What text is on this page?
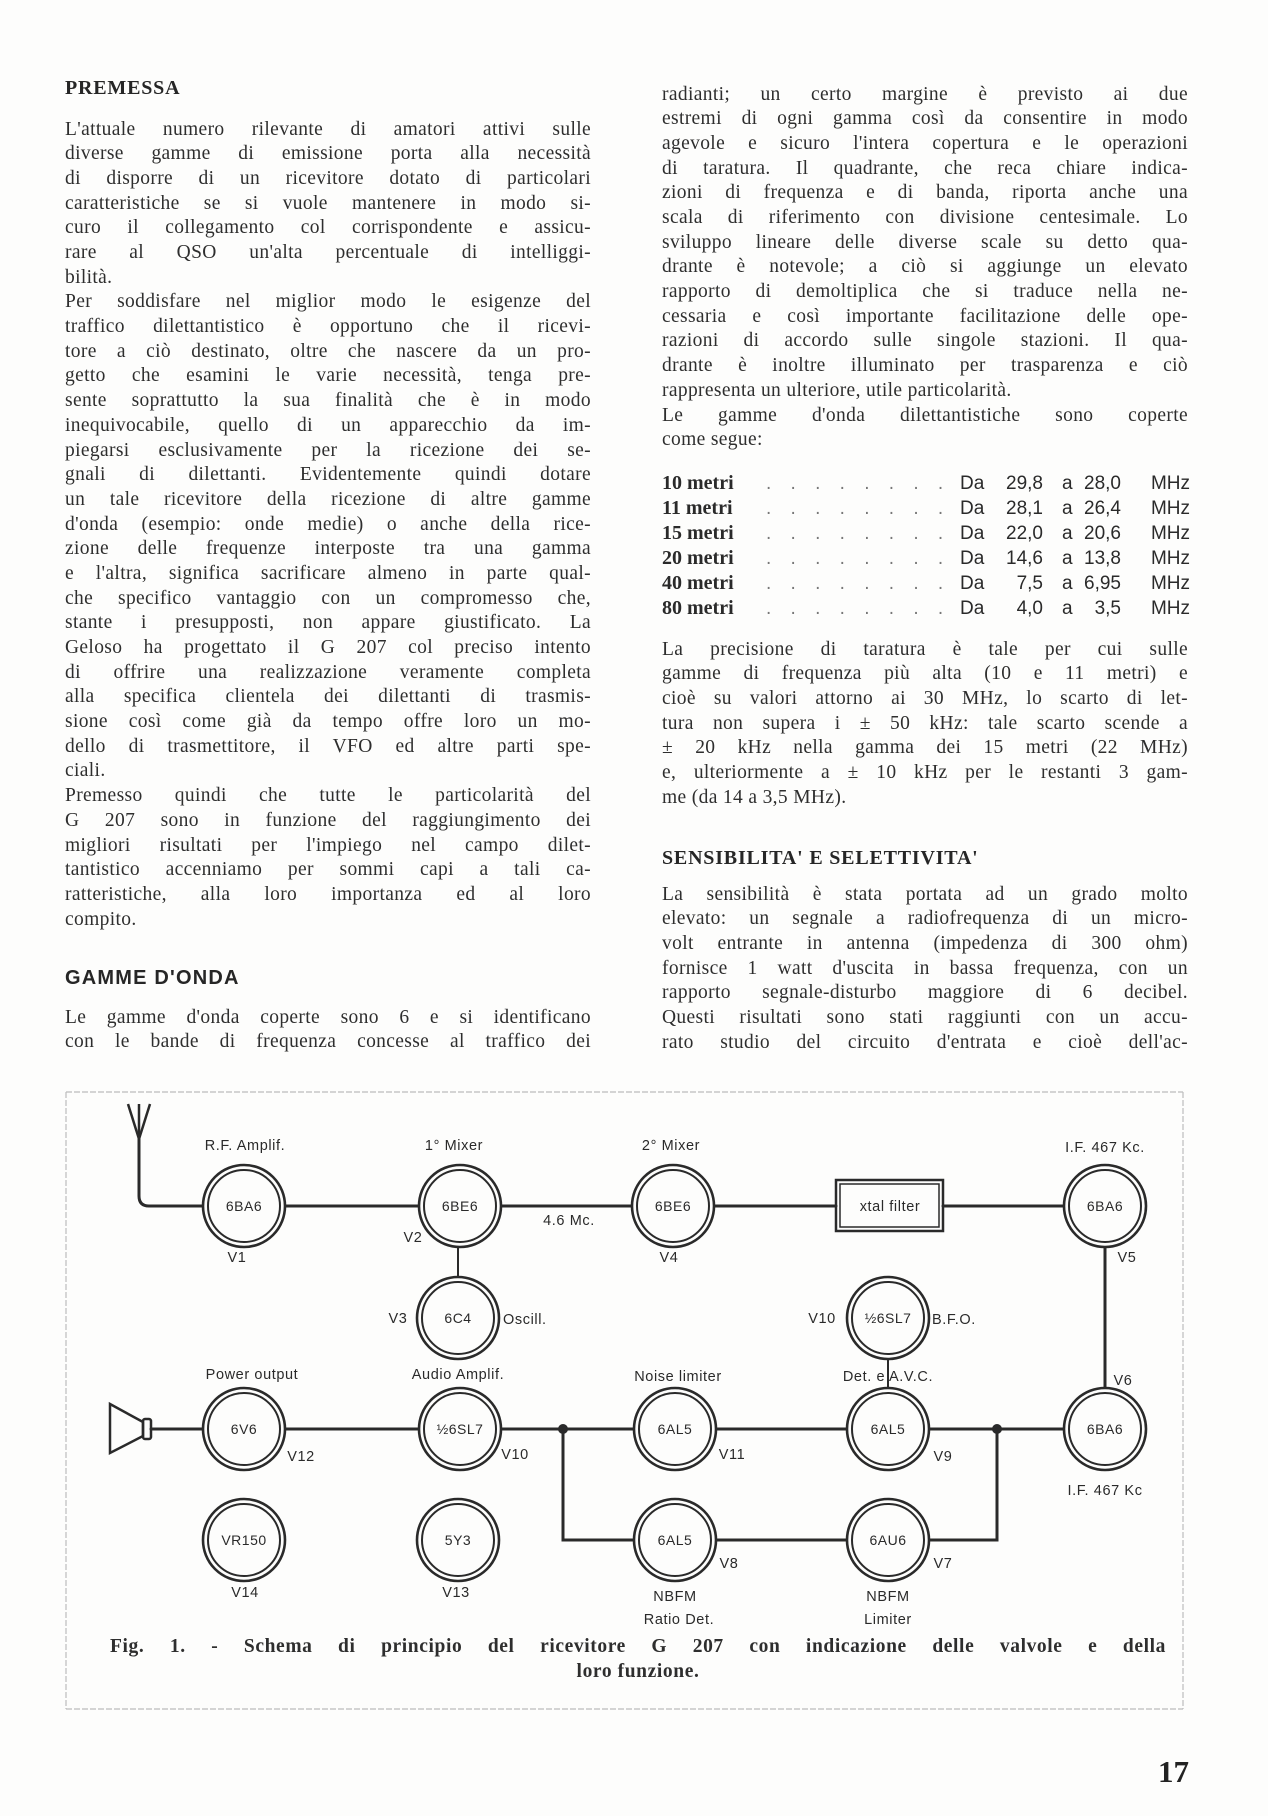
PREMESSA
L'attuale numero rilevante di amatori attivi sulle
diverse gamme di emissione porta alla necessità
di disporre di un ricevitore dotato di particolari
caratteristiche se si vuole mantenere in modo si-
curo il collegamento col corrispondente e assicu-
rare al QSO un'alta percentuale di intelliggi-
bilità.
Per soddisfare nel miglior modo le esigenze del
traffico dilettantistico è opportuno che il ricevi-
tore a ciò destinato, oltre che nascere da un pro-
getto che esamini le varie necessità, tenga pre-
sente soprattutto la sua finalità che è in modo
inequivocabile, quello di un apparecchio da im-
piegarsi esclusivamente per la ricezione dei se-
gnali di dilettanti. Evidentemente quindi dotare
un tale ricevitore della ricezione di altre gamme
d'onda (esempio: onde medie) o anche della rice-
zione delle frequenze interposte tra una gamma
e l'altra, significa sacrificare almeno in parte qual-
che specifico vantaggio con un compromesso che,
stante i presupposti, non appare giustificato. La
Geloso ha progettato il G 207 col preciso intento
di offrire una realizzazione veramente completa
alla specifica clientela dei dilettanti di trasmis-
sione così come già da tempo offre loro un mo-
dello di trasmettitore, il VFO ed altre parti spe-
ciali.
Premesso quindi che tutte le particolarità del
G 207 sono in funzione del raggiungimento dei
migliori risultati per l'impiego nel campo dilet-
tantistico accenniamo per sommi capi a tali ca-
ratteristiche, alla loro importanza ed al loro
compito.
GAMME D'ONDA
Le gamme d'onda coperte sono 6 e si identificano
con le bande di frequenza concesse al traffico dei
radianti; un certo margine è previsto ai due
estremi di ogni gamma così da consentire in modo
agevole e sicuro l'intera copertura e le operazioni
di taratura. Il quadrante, che reca chiare indica-
zioni di frequenza e di banda, riporta anche una
scala di riferimento con divisione centesimale. Lo
sviluppo lineare delle diverse scale su detto qua-
drante è notevole; a ciò si aggiunge un elevato
rapporto di demoltiplica che si traduce nella ne-
cessaria e così importante facilitazione delle ope-
razioni di accordo sulle singole stazioni. Il qua-
drante è inoltre illuminato per trasparenza e ciò
rappresenta un ulteriore, utile particolarità.
Le gamme d'onda dilettantistiche sono coperte
come segue:
10 metri . . . . . . . . Da 29,8 a 28,0 MHz
11 metri . . . . . . . . Da 28,1 a 26,4 MHz
15 metri . . . . . . . . Da 22,0 a 20,6 MHz
20 metri . . . . . . . . Da 14,6 a 13,8 MHz
40 metri . . . . . . . . Da 7,5 a 6,95 MHz
80 metri . . . . . . . . Da 4,0 a 3,5 MHz
La precisione di taratura è tale per cui sulle
gamme di frequenza più alta (10 e 11 metri) e
cioè su valori attorno ai 30 MHz, lo scarto di let-
tura non supera i ± 50 kHz: tale scarto scende a
± 20 kHz nella gamma dei 15 metri (22 MHz)
e, ulteriormente a ± 10 kHz per le restanti 3 gam-
me (da 14 a 3,5 MHz).
SENSIBILITA' E SELETTIVITA'
La sensibilità è stata portata ad un grado molto
elevato: un segnale a radiofrequenza di un micro-
volt entrante in antenna (impedenza di 300 ohm)
fornisce 1 watt d'uscita in bassa frequenza, con un
rapporto segnale-disturbo maggiore di 6 decibel.
Questi risultati sono stati raggiunti con un accu-
rato studio del circuito d'entrata e cioè dell'ac-
xtal filter
6BA6
V1
6BE6
V2
6BE6
V4
6BA6
V5
6C4
V3	½6SL7
V10
6V6
V12
½6SL7
V10
6AL5
V11
6AL5
V9
6BA6
V6
VR150
V14
5Y3
V13
6AL5
V8
6AU6
V7
R.F. Amplif.	1° Mixer	2° Mixer	I.F. 467 Kc.
4.6 Mc.
Oscill.	B.F.O.
Power output	Audio Amplif.	Noise limiter	Det. e A.V.C.
I.F. 467 Kc
NBFM
Ratio Det.
NBFM
Limiter
Fig. 1. - Schema di principio del ricevitore G 207 con indicazione delle valvole e della
loro funzione.
17
